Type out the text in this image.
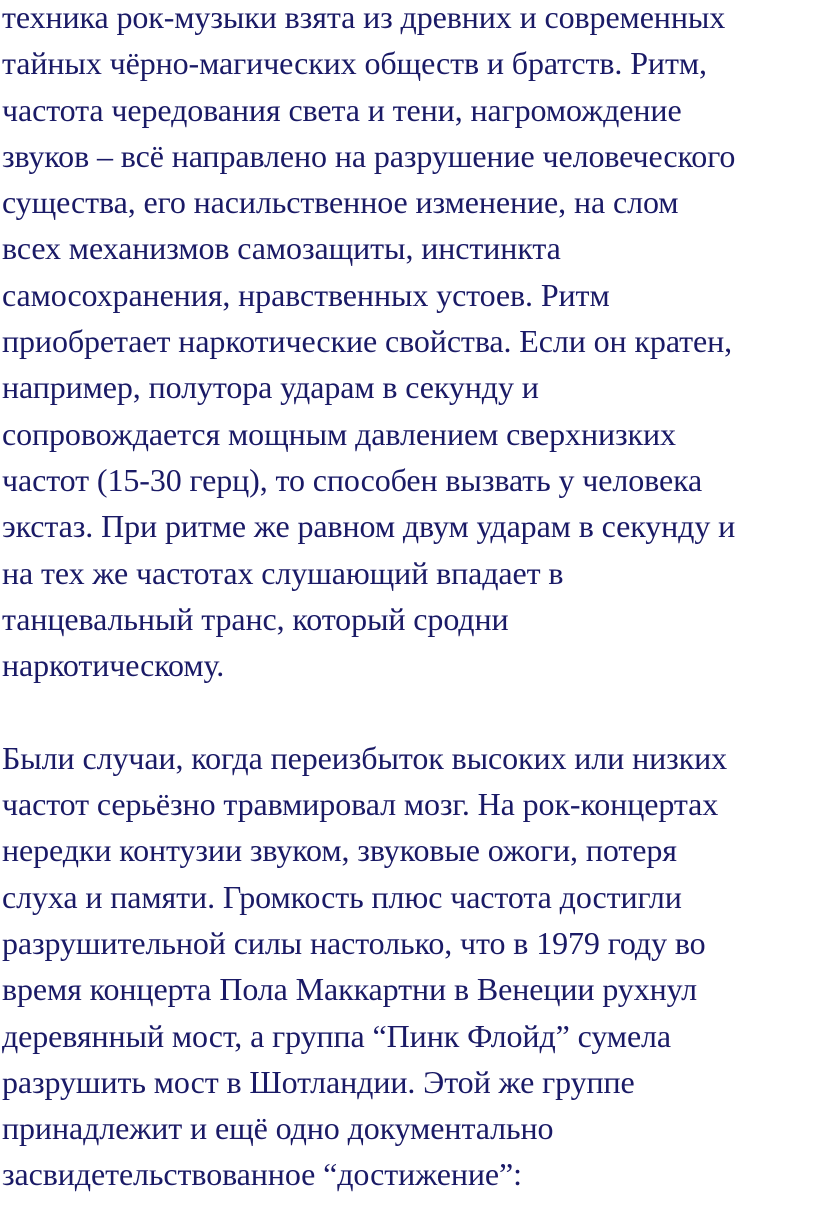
техника рок-музыки взята из древних и современных
тайных чёрно-магических обществ и братств. Ритм,
частота чередования света и тени, нагромождение
звуков – всё направлено на разрушение человеческого
существа, его насильственное изменение, на слом
всех механизмов самозащиты, инстинкта
самосохранения, нравственных устоев. Ритм
приобретает наркотические свойства. Если он кратен,
например, полутора ударам в секунду и
сопровождается мощным давлением сверхнизких
частот (15-30 герц), то способен вызвать у человека
экстаз. При ритме же равном двум ударам в секунду и
на тех же частотах слушающий впадает в
танцевальный транс, который сродни
наркотическому.
Были случаи, когда переизбыток высоких или низких
частот серьёзно травмировал мозг. На рок-концертах
нередки контузии звуком, звуковые ожоги, потеря
слуха и памяти. Громкость плюс частота достигли
разрушительной силы настолько, что в 1979 году во
время концерта Пола Маккартни в Венеции рухнул
деревянный мост, а группа “Пинк Флойд” сумела
разрушить мост в Шотландии. Этой же группе
принадлежит и ещё одно документально
засвидетельствованное “достижение”:
